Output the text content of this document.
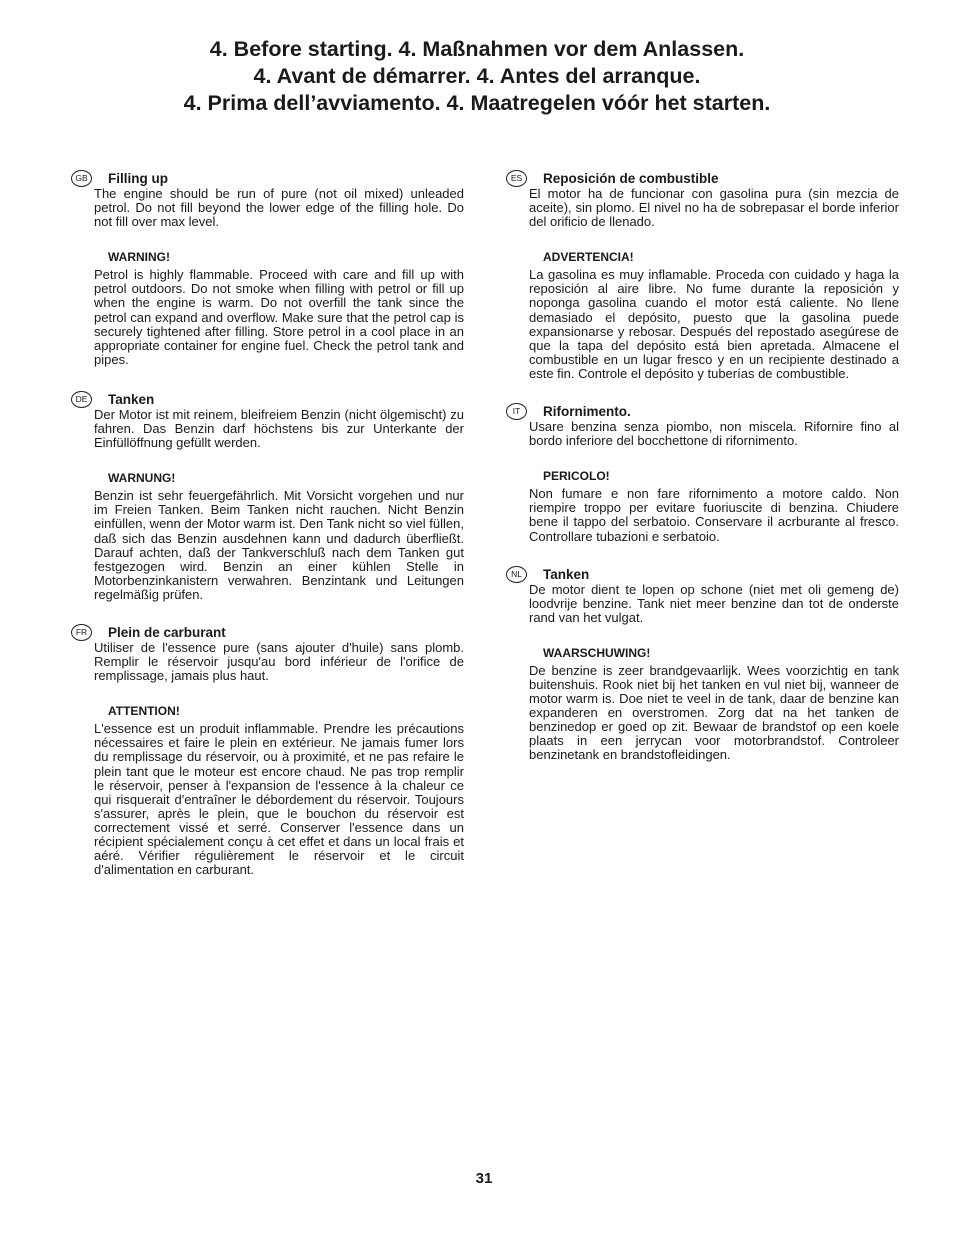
4. Before starting. 4. Maßnahmen vor dem Anlassen.
4. Avant de démarrer. 4. Antes del arranque.
4. Prima dell’avviamento. 4. Maatregelen vóór het starten.
GB	Filling up

The engine should be run of pure (not oil mixed) unleaded petrol. Do not fill beyond the lower edge of the filling hole. Do not fill over max level.

WARNING!

Petrol is highly flammable. Proceed with care and fill up with petrol outdoors. Do not smoke when filling with petrol or fill up when the engine is warm. Do not overfill the tank since the petrol can expand and overflow. Make sure that the petrol cap is securely tightened after filling. Store petrol in a cool place in an appropriate container for engine fuel. Check the petrol tank and pipes.

DE	Tanken

Der Motor ist mit reinem, bleifreiem Benzin (nicht ölgemischt) zu fahren. Das Benzin darf höchstens bis zur Unterkante der Einfüllöffnung gefüllt werden.

WARNUNG!

Benzin ist sehr feuergefährlich. Mit Vorsicht vorgehen und nur im Freien Tanken. Beim Tanken nicht rauchen. Nicht Benzin einfüllen, wenn der Motor warm ist. Den Tank nicht so viel füllen, daß sich das Benzin ausdehnen kann und dadurch überfließt. Darauf achten, daß der Tankverschluß nach dem Tanken gut festgezogen wird. Benzin an einer kühlen Stelle in Motorbenzinkanistern verwahren. Benzintank und Leitungen regelmäßig prüfen.

FR	Plein de carburant

Utiliser de l'essence pure (sans ajouter d'huile) sans plomb. Remplir le réservoir jusqu'au bord inférieur de l'orifice de remplissage, jamais plus haut.

ATTENTION!

L'essence est un produit inflammable. Prendre les précautions nécessaires et faire le plein en extérieur. Ne jamais fumer lors du remplissage du réservoir, ou à proximité, et ne pas refaire le plein tant que le moteur est encore chaud. Ne pas trop remplir le réservoir, penser à l'expansion de l'essence à la chaleur ce qui risquerait d'entraîner le débordement du réservoir. Toujours s'assurer, après le plein, que le bouchon du réservoir est correctement vissé et serré. Conserver l'essence dans un récipient spécialement conçu à cet effet et dans un local frais et aéré. Vérifier régulièrement le réservoir et le circuit d'alimentation en carburant.

ES	Reposición de combustible

El motor ha de funcionar con gasolina pura (sin mezcia de aceite), sin plomo. El nivel no ha de sobrepasar el borde inferior del orificio de llenado.

ADVERTENCIA!

La gasolina es muy inflamable. Proceda con cuidado y haga la reposición al aire libre. No fume durante la reposición y noponga gasolina cuando el motor está caliente. No llene demasiado el depósito, puesto que la gasolina puede expansionarse y rebosar. Después del repostado asegúrese de que la tapa del depósito está bien apretada. Almacene el combustible en un lugar fresco y en un recipiente destinado a este fin. Controle el depósito y tuberías de combustible.

IT	Rifornimento.

Usare benzina senza piombo, non miscela. Rifornire fino al bordo inferiore del bocchettone di rifornimento.

PERICOLO!

Non fumare e non fare rifornimento a motore caldo. Non riempire troppo per evitare fuoriuscite di benzina. Chiudere bene il tappo del serbatoio. Conservare il acrburante al fresco. Controllare tubazioni e serbatoio.

NL	Tanken

De motor dient te lopen op schone (niet met oli gemeng de) loodvrije benzine. Tank niet meer benzine dan tot de onderste rand van het vulgat.

WAARSCHUWING!

De benzine is zeer brandgevaarlijk. Wees voorzichtig en tank buitenshuis. Rook niet bij het tanken en vul niet bij, wanneer de motor warm is. Doe niet te veel in de tank, daar de benzine kan expanderen en overstromen. Zorg dat na het tanken de benzinedop er goed op zit. Bewaar de brandstof op een koele plaats in een jerrycan voor motorbrandstof. Controleer benzinetank en brandstofleidingen.

31
